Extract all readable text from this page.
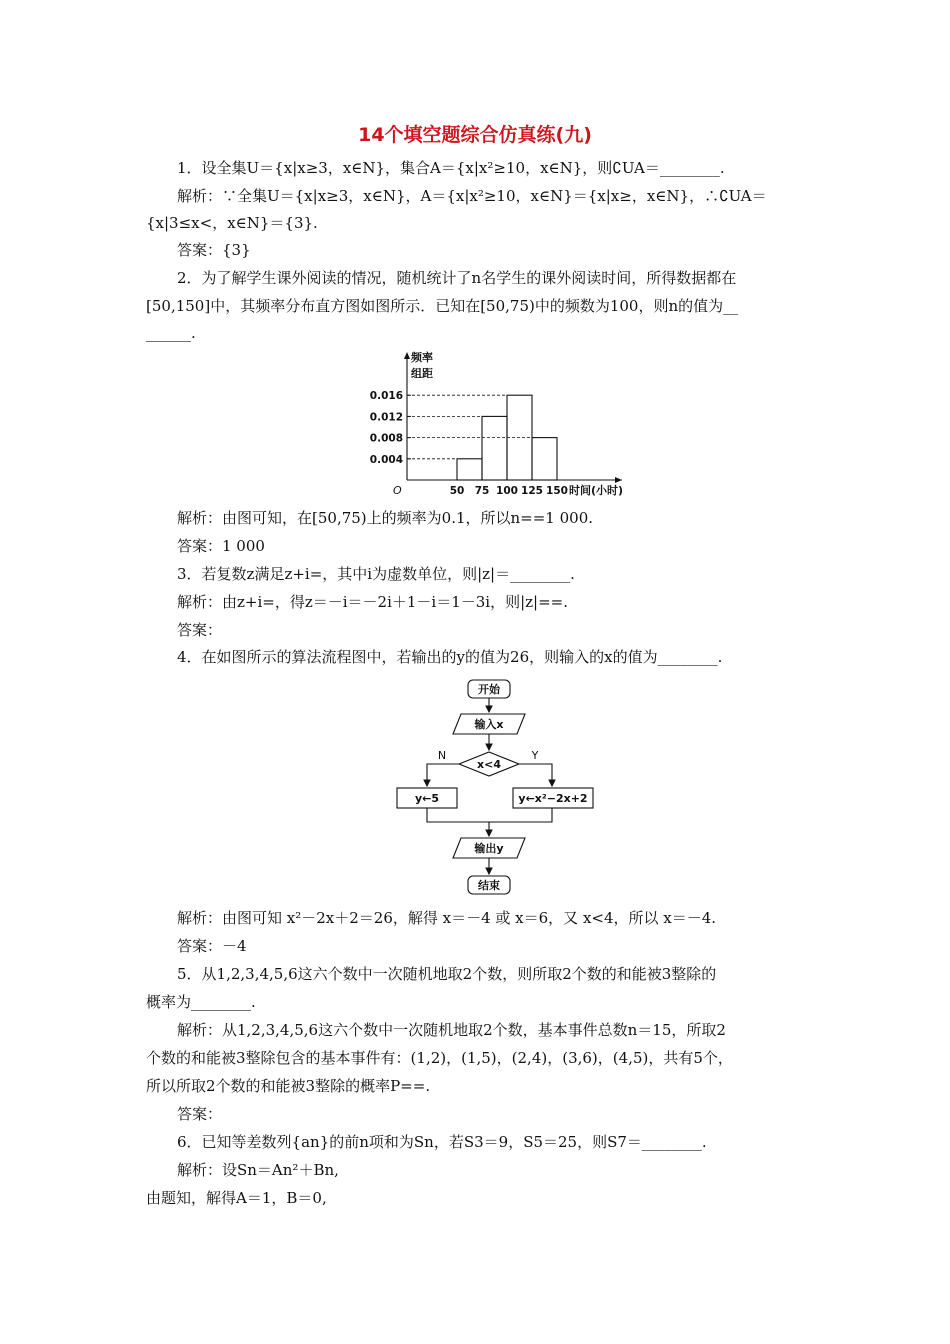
14个填空题综合仿真练(九)
1．设全集U＝{x|x≥3，x∈N}，集合A＝{x|x²≥10，x∈N}，则∁UA＝________.
解析：∵全集U＝{x|x≥3，x∈N}，A＝{x|x²≥10，x∈N}＝{x|x≥，x∈N}，∴∁UA＝
{x|3≤x<，x∈N}＝{3}.
答案：{3}
2．为了解学生课外阅读的情况，随机统计了n名学生的课外阅读时间，所得数据都在
[50,150]中，其频率分布直方图如图所示．已知在[50,75)中的频数为100，则n的值为__
______.
频率
组距
O
0.004
0.008
0.012
0.016
50 75 100 125 150 时间(小时)
解析：由图可知，在[50,75)上的频率为0.1，所以n==1 000.
答案：1 000
3．若复数z满足z+i=，其中i为虚数单位，则|z|＝________.
解析：由z+i=，得z＝－i＝－2i＋1－i＝1－3i，则|z|==.
答案：
4．在如图所示的算法流程图中，若输出的y的值为26，则输入的x的值为________.
开始
输入x
x<4
N	Y
y←5	y←x²−2x+2
输出y
结束
解析：由图可知 x²－2x＋2＝26，解得 x＝－4 或 x＝6，又 x<4，所以 x＝－4.
答案：－4
5．从1,2,3,4,5,6这六个数中一次随机地取2个数，则所取2个数的和能被3整除的
概率为________.
解析：从1,2,3,4,5,6这六个数中一次随机地取2个数，基本事件总数n＝15，所取2
个数的和能被3整除包含的基本事件有：(1,2)，(1,5)，(2,4)，(3,6)，(4,5)，共有5个，
所以所取2个数的和能被3整除的概率P==.
答案：
6．已知等差数列{an}的前n项和为Sn，若S3＝9，S5＝25，则S7＝________.
解析：设Sn＝An²＋Bn,
由题知，解得A＝1，B＝0,
